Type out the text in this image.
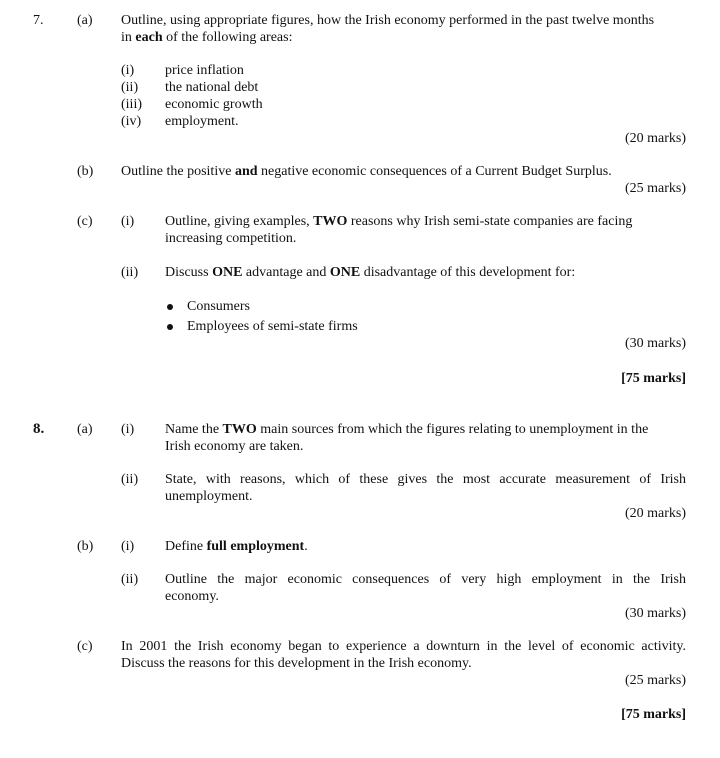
7. (a) Outline, using appropriate figures, how the Irish economy performed in the past twelve months
in each of the following areas:
(i) price inflation
(ii) the national debt
(iii) economic growth
(iv) employment.
(20 marks)
(b) Outline the positive and negative economic consequences of a Current Budget Surplus.
(25 marks)
(c) (i) Outline, giving examples, TWO reasons why Irish semi-state companies are facing
increasing competition.
(ii) Discuss ONE advantage and ONE disadvantage of this development for:
Consumers
Employees of semi-state firms
(30 marks)
[75 marks]
8. (a) (i) Name the TWO main sources from which the figures relating to unemployment in the
Irish economy are taken.
(ii) State, with reasons, which of these gives the most accurate measurement of Irish
unemployment.
(20 marks)
(b) (i) Define full employment.
(ii) Outline the major economic consequences of very high employment in the Irish
economy.
(30 marks)
(c) In 2001 the Irish economy began to experience a downturn in the level of economic activity.
Discuss the reasons for this development in the Irish economy.
(25 marks)
[75 marks]
